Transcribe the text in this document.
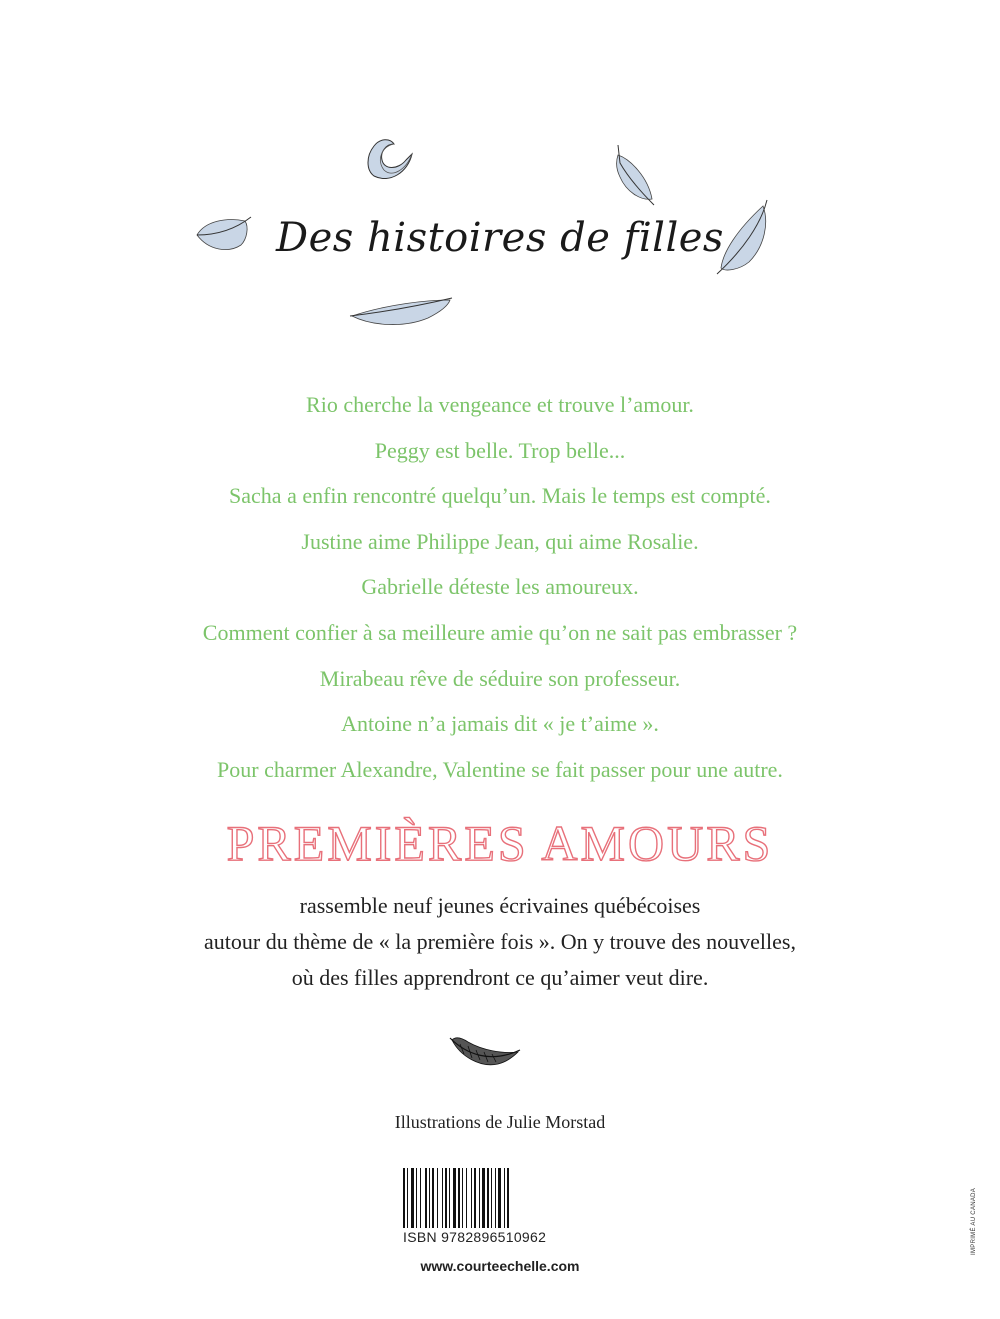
Des histoires de filles
Rio cherche la vengeance et trouve l’amour.
Peggy est belle. Trop belle...
Sacha a enfin rencontré quelqu’un. Mais le temps est compté.
Justine aime Philippe Jean, qui aime Rosalie.
Gabrielle déteste les amoureux.
Comment confier à sa meilleure amie qu’on ne sait pas embrasser ?
Mirabeau rêve de séduire son professeur.
Antoine n’a jamais dit « je t’aime ».
Pour charmer Alexandre, Valentine se fait passer pour une autre.
PREMIÈRES AMOURS
rassemble neuf jeunes écrivaines québécoises
autour du thème de « la première fois ». On y trouve des nouvelles,
où des filles apprendront ce qu’aimer veut dire.
Illustrations de Julie Morstad
ISBN 9782896510962
www.courteechelle.com
IMPRIMÉ AU CANADA
